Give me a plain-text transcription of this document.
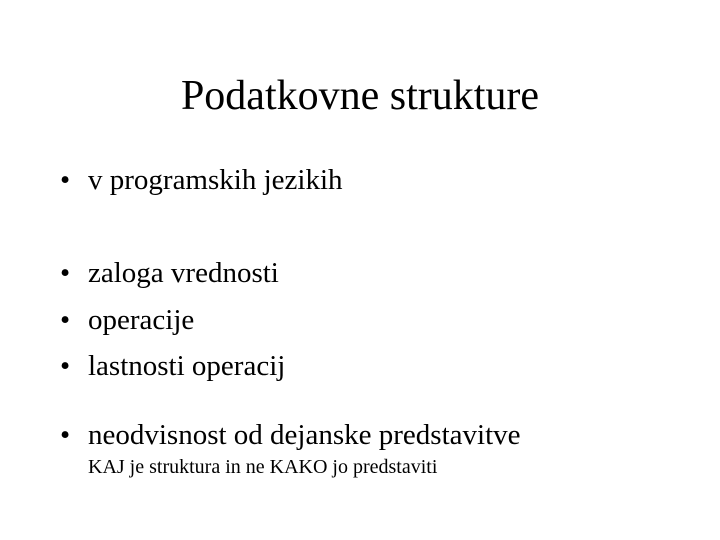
Podatkovne strukture
• v programskih jezikih
• zaloga vrednosti
• operacije
• lastnosti operacij
• neodvisnost od dejanske predstavitve
KAJ je struktura in ne KAKO jo predstaviti
